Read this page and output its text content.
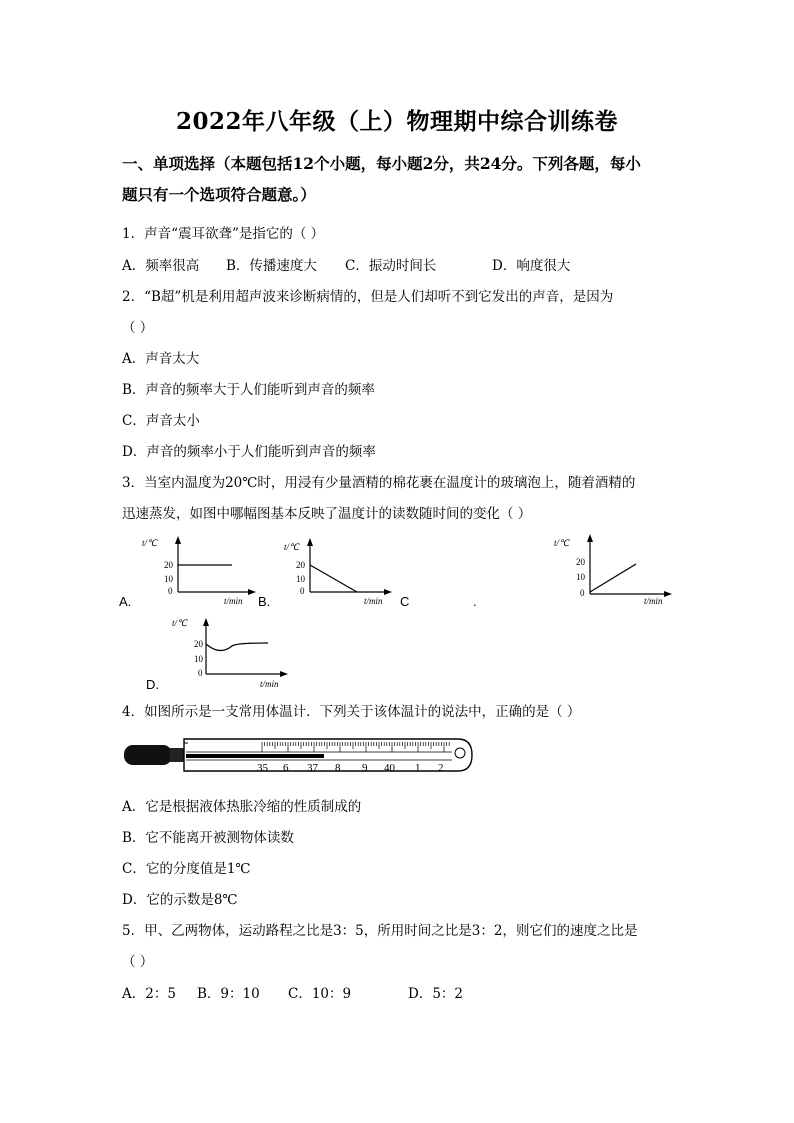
2022年八年级（上）物理期中综合训练卷
一、单项选择（本题包括12个小题，每小题2分，共24分。下列各题，每小
题只有一个选项符合题意。）
1．声音“震耳欲聋”是指它的（ ）
A．频率很高 B．传播速度大 C．振动时间长	D．响度很大
2．“B超”机是利用超声波来诊断病情的，但是人们却听不到它发出的声音，是因为
（ ）
A．声音太大
B．声音的频率大于人们能听到声音的频率
C．声音太小
D．声音的频率小于人们能听到声音的频率
3．当室内温度为20℃时，用浸有少量酒精的棉花裹在温度计的玻璃泡上，随着酒精的
迅速蒸发，如图中哪幅图基本反映了温度计的读数随时间的变化（ ）
A.	B.	C	.
D.
t/℃
20
10
0
t/min
t/℃
20
10
0
t/min
t/℃
20
10
0
t/min
t/℃
20
10
0
t/min
4．如图所示是一支常用体温计．下列关于该体温计的说法中，正确的是（ ）
35 6 37 8 9 40 1 2
A．它是根据液体热胀冷缩的性质制成的
B．它不能离开被测物体读数
C．它的分度值是1℃
D．它的示数是8℃
5．甲、乙两物体，运动路程之比是3：5，所用时间之比是3：2，则它们的速度之比是
（ ）
A．2：5 B．9：10 C．10：9	D．5：2
